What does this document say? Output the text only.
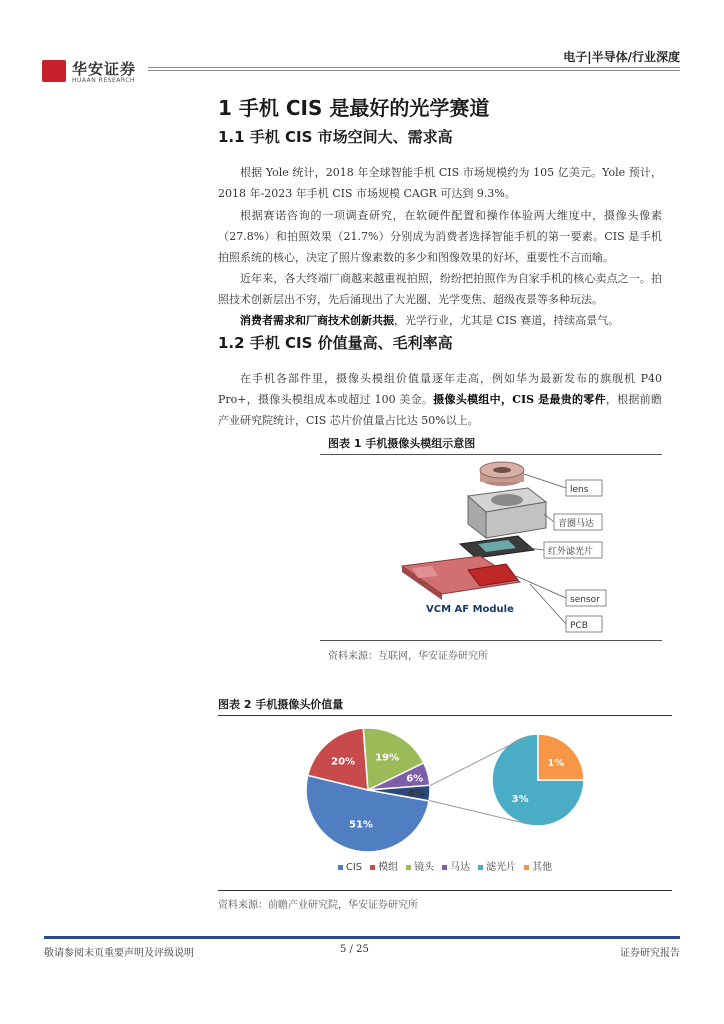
华安证券
HUAAN RESEARCH
电子|半导体/行业深度
1 手机 CIS 是最好的光学赛道
1.1 手机 CIS 市场空间大、需求高

根据 Yole 统计，2018 年全球智能手机 CIS 市场规模约为 105 亿美元。Yole 预计，2018 年-2023 年手机 CIS 市场规模 CAGR 可达到 9.3%。

根据赛诺咨询的一项调查研究，在软硬件配置和操作体验两大维度中，摄像头像素（27.8%）和拍照效果（21.7%）分别成为消费者选择智能手机的第一要素。CIS 是手机拍照系统的核心，决定了照片像素数的多少和图像效果的好坏，重要性不言而喻。

近年来，各大终端厂商越来越重视拍照，纷纷把拍照作为自家手机的核心卖点之一。拍照技术创新层出不穷，先后涌现出了大光圈、光学变焦、超级夜景等多种玩法。

消费者需求和厂商技术创新共振，光学行业，尤其是 CIS 赛道，持续高景气。

1.2 手机 CIS 价值量高、毛利率高

在手机各部件里，摄像头模组价值量逐年走高，例如华为最新发布的旗舰机 P40 Pro+，摄像头模组成本或超过 100 美金。摄像头模组中，CIS 是最贵的零件，根据前瞻产业研究院统计，CIS 芯片价值量占比达 50%以上。

图表 1 手机摄像头模组示意图
VCM AF Module
lens
音圈马达
红外滤光片
sensor
PCB
资料来源：互联网，华安证券研究所
图表 2 手机摄像头价值量
51%
20% 19%
6%
4%	3%
1%
CIS 模组 镜头 马达 滤光片 其他
资料来源：前瞻产业研究院，华安证券研究所
敬请参阅末页重要声明及评级说明	5 / 25	证券研究报告
